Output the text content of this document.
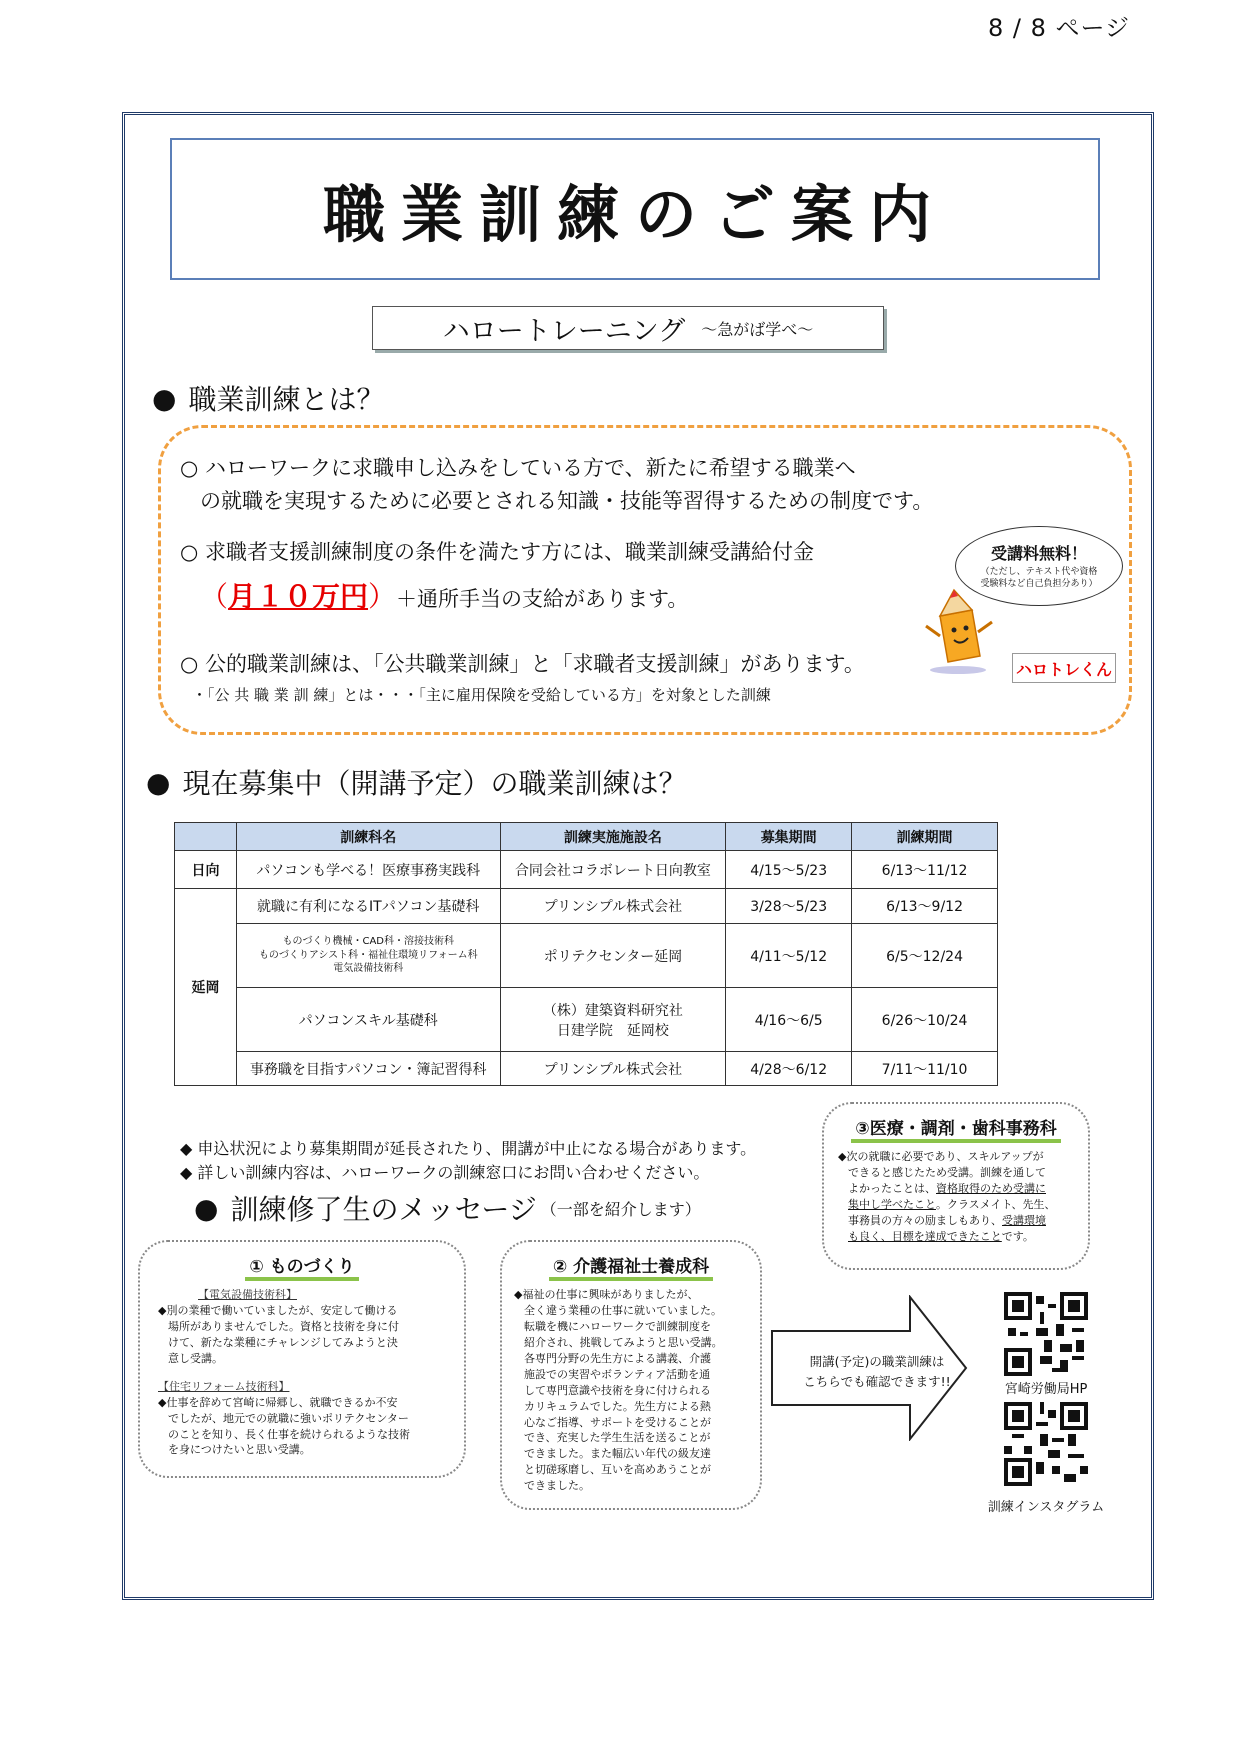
8 / 8 ページ
職業訓練のご案内
ハロートレーニング 〜急がば学べ〜
● 職業訓練とは？
○ ハローワークに求職申し込みをしている方で、新たに希望する職業へ
の就職を実現するために必要とされる知識・技能等習得するための制度です。
○ 求職者支援訓練制度の条件を満たす方には、職業訓練受講給付金
（月１０万円）＋通所手当の支給があります。
○ 公的職業訓練は、「公共職業訓練」と「求職者支援訓練」があります。
・「公 共 職 業 訓 練」とは・・・「主に雇用保険を受給している方」を対象とした訓練
受講料無料！
（ただし、テキスト代や資格
受験料など自己負担分あり）
ハロトレくん
● 現在募集中（開講予定）の職業訓練は？
	訓練科名	訓練実施施設名	募集期間	訓練期間
日向	パソコンも学べる！医療事務実践科	合同会社コラボレート日向教室	4/15〜5/23	6/13〜11/12
延岡	就職に有利になるITパソコン基礎科	プリンシプル株式会社	3/28〜5/23	6/13〜9/12

	ものづくり機械・CAD科・溶接技術科
ものづくりアシスト科・福祉住環境リフォーム科
電気設備技術科	ポリテクセンター延岡	4/11〜5/12	6/5〜12/24
	パソコンスキル基礎科	（株）建築資料研究社
日建学院　延岡校	4/16〜6/5	6/26〜10/24
	事務職を目指すパソコン・簿記習得科	プリンシプル株式会社	4/28〜6/12	7/11〜11/10
◆ 申込状況により募集期間が延長されたり、開講が中止になる場合があります。
◆ 詳しい訓練内容は、ハローワークの訓練窓口にお問い合わせください。
● 訓練修了生のメッセージ （一部を紹介します）
① ものづくり
【電気設備技術科】
◆別の業種で働いていましたが、安定して働ける
場所がありませんでした。資格と技術を身に付
けて、新たな業種にチャレンジしてみようと決
意し受講。
【住宅リフォーム技術科】
◆仕事を辞めて宮崎に帰郷し、就職できるか不安
でしたが、地元での就職に強いポリテクセンター
のことを知り、長く仕事を続けられるような技術
を身につけたいと思い受講。
② 介護福祉士養成科
◆福祉の仕事に興味がありましたが、
全く違う業種の仕事に就いていました。
転職を機にハローワークで訓練制度を
紹介され、挑戦してみようと思い受講。
各専門分野の先生方による講義、介護
施設での実習やボランティア活動を通
して専門意識や技術を身に付けられる
カリキュラムでした。先生方による熱
心なご指導、サポートを受けることが
でき、充実した学生生活を送ることが
できました。また幅広い年代の級友達
と切磋琢磨し、互いを高めあうことが
できました。
③医療・調剤・歯科事務科
◆次の就職に必要であり、スキルアップが
できると感じたため受講。訓練を通して
よかったことは、資格取得のため受講に
集中し学べたこと。クラスメイト、先生、
事務員の方々の励ましもあり、受講環境
も良く、目標を達成できたことです。
開講(予定)の職業訓練は
こちらでも確認できます!!
宮崎労働局HP
訓練インスタグラム
